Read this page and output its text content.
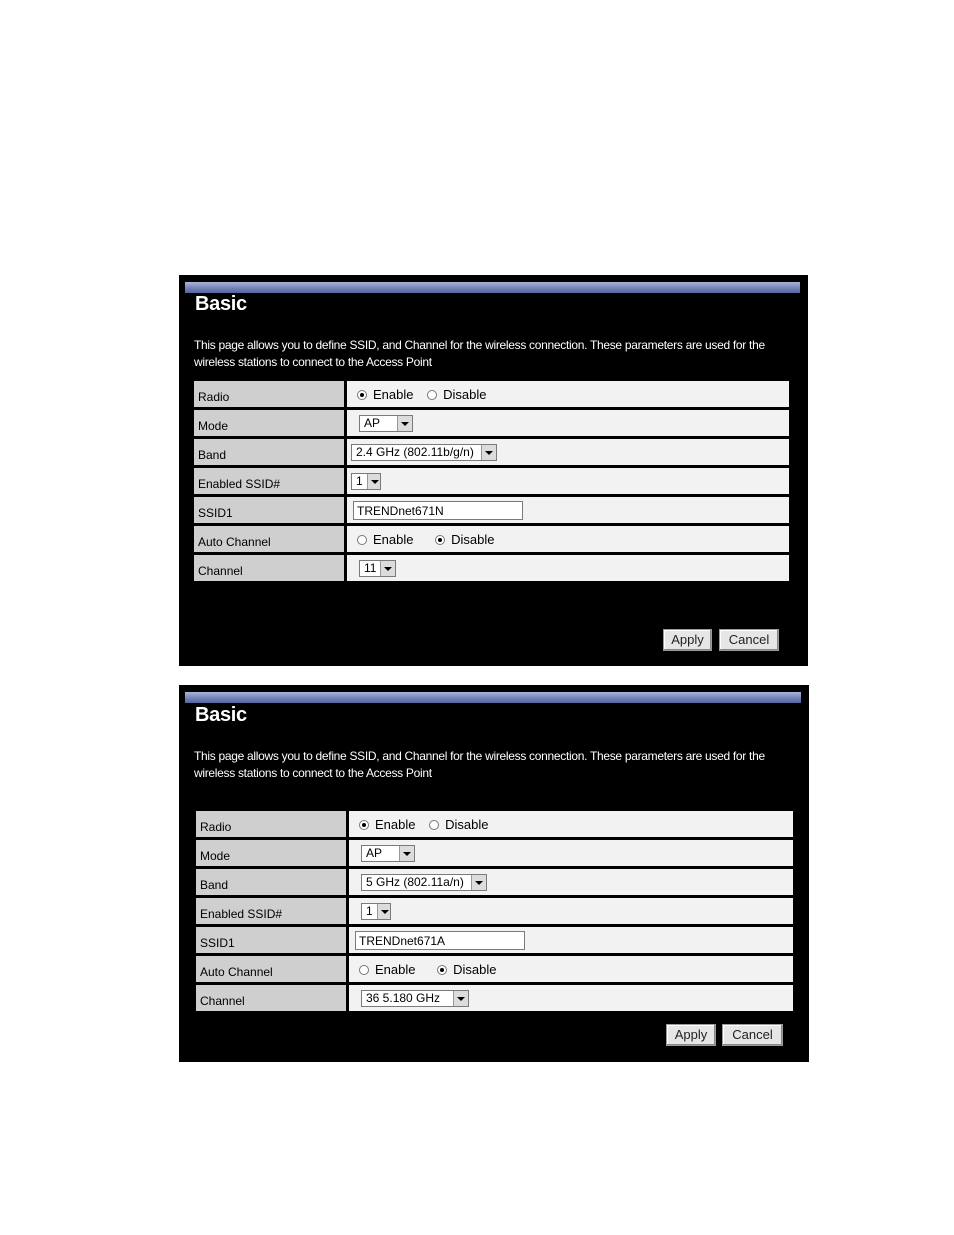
Basic
This page allows you to define SSID, and Channel for the wireless connection. These parameters are used for the wireless stations to connect to the Access Point
Radio	Enable Disable

Mode	AP

Band	2.4 GHz (802.11b/g/n)

Enabled SSID#	1

SSID1	TRENDnet671N

Auto Channel	Enable Disable

Channel	11
Apply	Cancel
Basic
This page allows you to define SSID, and Channel for the wireless connection. These parameters are used for the wireless stations to connect to the Access Point
Radio	Enable Disable

Mode	AP

Band	5 GHz (802.11a/n)

Enabled SSID#	1

SSID1	TRENDnet671A

Auto Channel	Enable Disable

Channel	36 5.180 GHz
Apply	Cancel
